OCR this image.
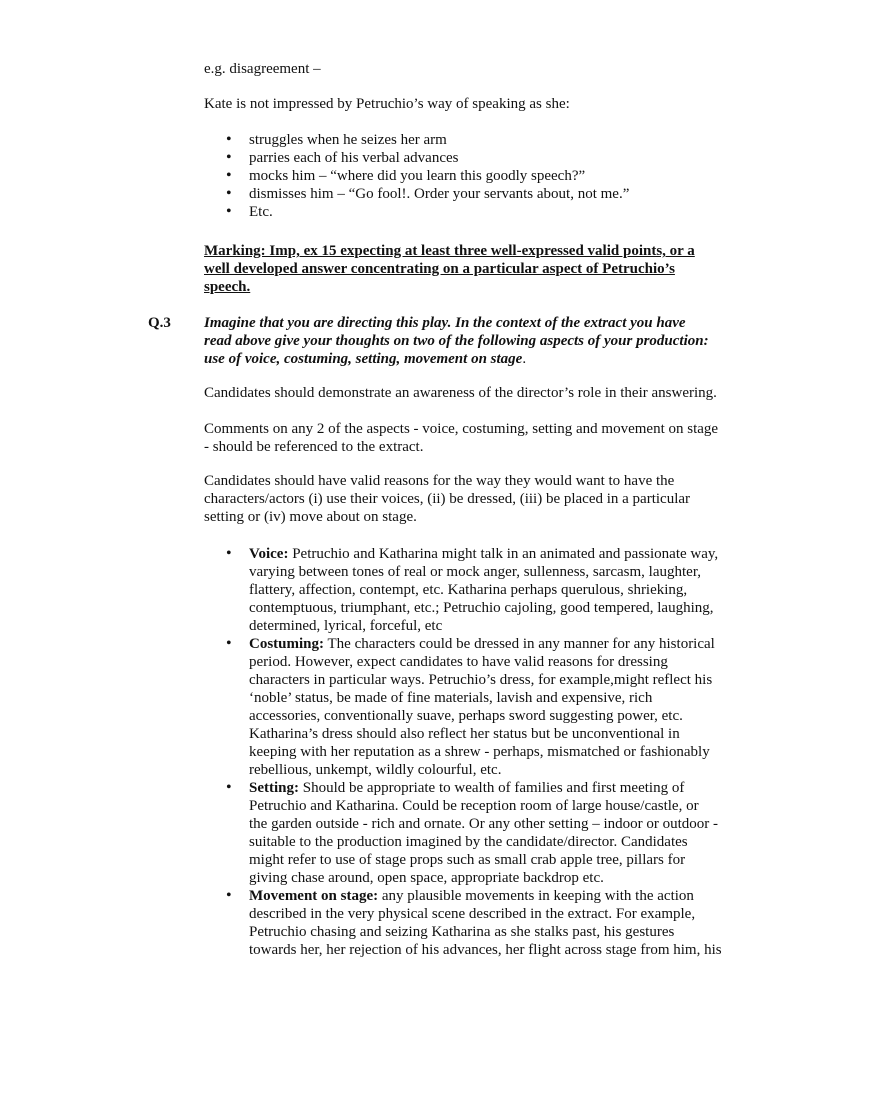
e.g. disagreement –

Kate is not impressed by Petruchio’s way of speaking as she:

• struggles when he seizes her arm
• parries each of his verbal advances
• mocks him – “where did you learn this goodly speech?”
• dismisses him – “Go fool!. Order your servants about, not me.”
• Etc.

Marking: Imp, ex 15 expecting at least three well-expressed valid points, or a
well developed answer concentrating on a particular aspect of Petruchio’s
speech.

Q.3 Imagine that you are directing this play. In the context of the extract you have
read above give your thoughts on two of the following aspects of your production:
use of voice, costuming, setting, movement on stage.

Candidates should demonstrate an awareness of the director’s role in their answering.

Comments on any 2 of the aspects - voice, costuming, setting and movement on stage
- should be referenced to the extract.

Candidates should have valid reasons for the way they would want to have the
characters/actors (i) use their voices, (ii) be dressed, (iii) be placed in a particular
setting or (iv) move about on stage.

• Voice: Petruchio and Katharina might talk in an animated and passionate way,
varying between tones of real or mock anger, sullenness, sarcasm, laughter,
flattery, affection, contempt, etc. Katharina perhaps querulous, shrieking,
contemptuous, triumphant, etc.; Petruchio cajoling, good tempered, laughing,
determined, lyrical, forceful, etc
• Costuming: The characters could be dressed in any manner for any historical
period. However, expect candidates to have valid reasons for dressing
characters in particular ways. Petruchio’s dress, for example,might reflect his
‘noble’ status, be made of fine materials, lavish and expensive, rich
accessories, conventionally suave, perhaps sword suggesting power, etc.
Katharina’s dress should also reflect her status but be unconventional in
keeping with her reputation as a shrew - perhaps, mismatched or fashionably
rebellious, unkempt, wildly colourful, etc.
• Setting: Should be appropriate to wealth of families and first meeting of
Petruchio and Katharina. Could be reception room of large house/castle, or
the garden outside - rich and ornate. Or any other setting – indoor or outdoor -
suitable to the production imagined by the candidate/director. Candidates
might refer to use of stage props such as small crab apple tree, pillars for
giving chase around, open space, appropriate backdrop etc.
• Movement on stage: any plausible movements in keeping with the action
described in the very physical scene described in the extract. For example,
Petruchio chasing and seizing Katharina as she stalks past, his gestures
towards her, her rejection of his advances, her flight across stage from him, his
